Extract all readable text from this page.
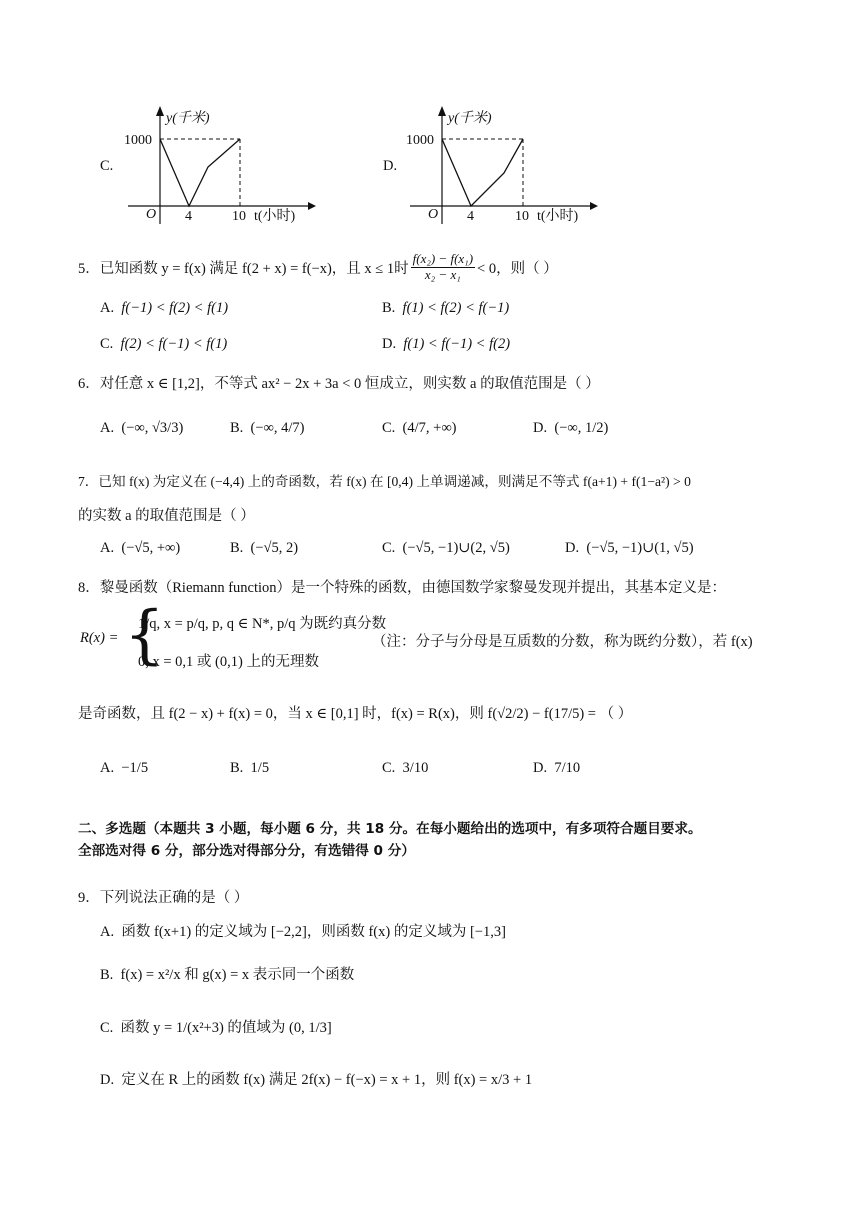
C.
y(千米)
1000
O 4	10 t(小时)
D.
y(千米)
1000
O 4	10 t(小时)
5．已知函数 y = f(x) 满足 f(2 + x) = f(−x)，且 x ≤ 1时 $\frac{\text{f(x₂) − f(x₁)}}{\text{x₂ − x₁}} < 0$，则（ ）
A. f(−1) < f(2) < f(1)	B. f(1) < f(2) < f(−1)
C. f(2) < f(−1) < f(1)	D. f(1) < f(−1) < f(2)
6．对任意 x ∈ [1,2]，不等式 ax² − 2x + 3a < 0 恒成立，则实数 a 的取值范围是（ ）
A. (−∞, √3/3)	B. (−∞, 4/7)	C. (4/7, +∞)	D. (−∞, 1/2)
7．已知 f(x) 为定义在 (−4,4) 上的奇函数，若 f(x) 在 [0,4) 上单调递减，则满足不等式 f(a+1) + f(1−a²) > 0
的实数 a 的取值范围是（ ）
A. (−√5, +∞)	B. (−√5, 2)	C. (−√5, −1)∪(2, √5)	D. (−√5, −1)∪(1, √5)
8．黎曼函数（Riemann function）是一个特殊的函数，由德国数学家黎曼发现并提出，其基本定义是：
R(x) = {
1/q, x = p/q, p, q ∈ N*, p/q 为既约真分数
0, x = 0,1 或 (0,1) 上的无理数
（注：分子与分母是互质数的分数，称为既约分数），若 f(x)
是奇函数，且 f(2 − x) + f(x) = 0，当 x ∈ [0,1] 时，f(x) = R(x)，则 f(√2/2) − f(17/5) = （ ）
A. −1/5	B. 1/5	C. 3/10	D. 7/10
二、多选题（本题共 3 小题，每小题 6 分，共 18 分。在每小题给出的选项中，有多项符合题目要求。
全部选对得 6 分，部分选对得部分分，有选错得 0 分）
9．下列说法正确的是（ ）
A. 函数 f(x+1) 的定义域为 [−2,2]，则函数 f(x) 的定义域为 [−1,3]
B. f(x) = x²/x 和 g(x) = x 表示同一个函数
C. 函数 y = 1/(x²+3) 的值域为 (0, 1/3]
D. 定义在 R 上的函数 f(x) 满足 2f(x) − f(−x) = x + 1，则 f(x) = x/3 + 1
